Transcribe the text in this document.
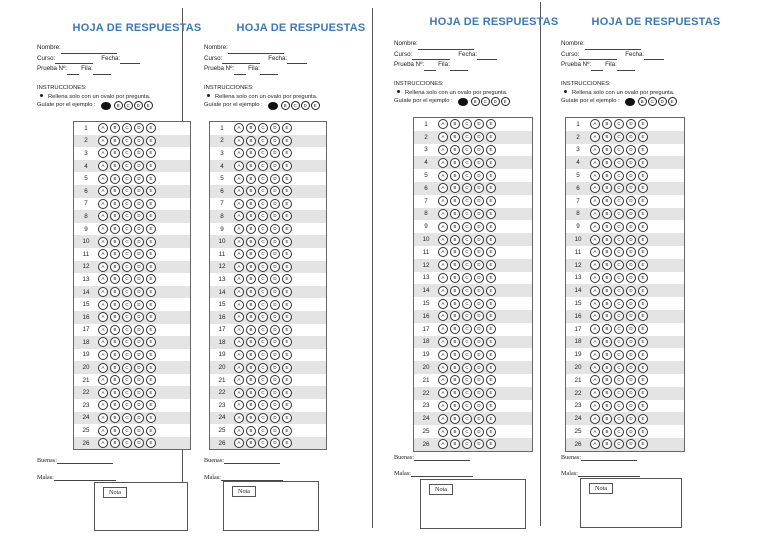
HOJA DE RESPUESTAS
Nombre:
Curso:	Fecha:
Prueba Nº: Fila:
INSTRUCCIONES:
Rellena solo con un ovalo por pregunta.
Guíate por el ejemplo :	B	C	D	E
1	A	B	C	D	E
2	A	B	C	D	E
3	A	B	C	D	E
4	A	B	C	D	E
5	A	B	C	D	E
6	A	B	C	D	E
7	A	B	C	D	E
8	A	B	C	D	E
9	A	B	C	D	E
10	A	B	C	D	E
11	A	B	C	D	E
12	A	B	C	D	E
13	A	B	C	D	E
14	A	B	C	D	E
15	A	B	C	D	E
16	A	B	C	D	E
17	A	B	C	D	E
18	A	B	C	D	E
19	A	B	C	D	E
20	A	B	C	D	E
21	A	B	C	D	E
22	A	B	C	D	E
23	A	B	C	D	E
24	A	B	C	D	E
25	A	B	C	D	E
26	A	B	C	D	E
Buenas:
Malas:
Nota
HOJA DE RESPUESTAS
Nombre:
Curso:	Fecha:
Prueba Nº: Fila:
INSTRUCCIONES:
Rellena solo con un ovalo por pregunta.
Guíate por el ejemplo :	B	C	D	E
1	A	B	C	D	E
2	A	B	C	D	E
3	A	B	C	D	E
4	A	B	C	D	E
5	A	B	C	D	E
6	A	B	C	D	E
7	A	B	C	D	E
8	A	B	C	D	E
9	A	B	C	D	E
10	A	B	C	D	E
11	A	B	C	D	E
12	A	B	C	D	E
13	A	B	C	D	E
14	A	B	C	D	E
15	A	B	C	D	E
16	A	B	C	D	E
17	A	B	C	D	E
18	A	B	C	D	E
19	A	B	C	D	E
20	A	B	C	D	E
21	A	B	C	D	E
22	A	B	C	D	E
23	A	B	C	D	E
24	A	B	C	D	E
25	A	B	C	D	E
26	A	B	C	D	E
Buenas:
Malas:
Nota
HOJA DE RESPUESTAS
Nombre:
Curso:	Fecha:
Prueba Nº: Fila:
INSTRUCCIONES:
Rellena solo con un ovalo por pregunta.
Guíate por el ejemplo :	B	C	D	E
1	A	B	C	D	E
2	A	B	C	D	E
3	A	B	C	D	E
4	A	B	C	D	E
5	A	B	C	D	E
6	A	B	C	D	E
7	A	B	C	D	E
8	A	B	C	D	E
9	A	B	C	D	E
10	A	B	C	D	E
11	A	B	C	D	E
12	A	B	C	D	E
13	A	B	C	D	E
14	A	B	C	D	E
15	A	B	C	D	E
16	A	B	C	D	E
17	A	B	C	D	E
18	A	B	C	D	E
19	A	B	C	D	E
20	A	B	C	D	E
21	A	B	C	D	E
22	A	B	C	D	E
23	A	B	C	D	E
24	A	B	C	D	E
25	A	B	C	D	E
26	A	B	C	D	E
Buenas:
Malas:
Nota
HOJA DE RESPUESTAS
Nombre:
Curso:	Fecha:
Prueba Nº: Fila:
INSTRUCCIONES:
Rellena solo con un ovalo por pregunta.
Guíate por el ejemplo :	B	C	D	E
1	A	B	C	D	E
2	A	B	C	D	E
3	A	B	C	D	E
4	A	B	C	D	E
5	A	B	C	D	E
6	A	B	C	D	E
7	A	B	C	D	E
8	A	B	C	D	E
9	A	B	C	D	E
10	A	B	C	D	E
11	A	B	C	D	E
12	A	B	C	D	E
13	A	B	C	D	E
14	A	B	C	D	E
15	A	B	C	D	E
16	A	B	C	D	E
17	A	B	C	D	E
18	A	B	C	D	E
19	A	B	C	D	E
20	A	B	C	D	E
21	A	B	C	D	E
22	A	B	C	D	E
23	A	B	C	D	E
24	A	B	C	D	E
25	A	B	C	D	E
26	A	B	C	D	E
Buenas:
Malas:
Nota
